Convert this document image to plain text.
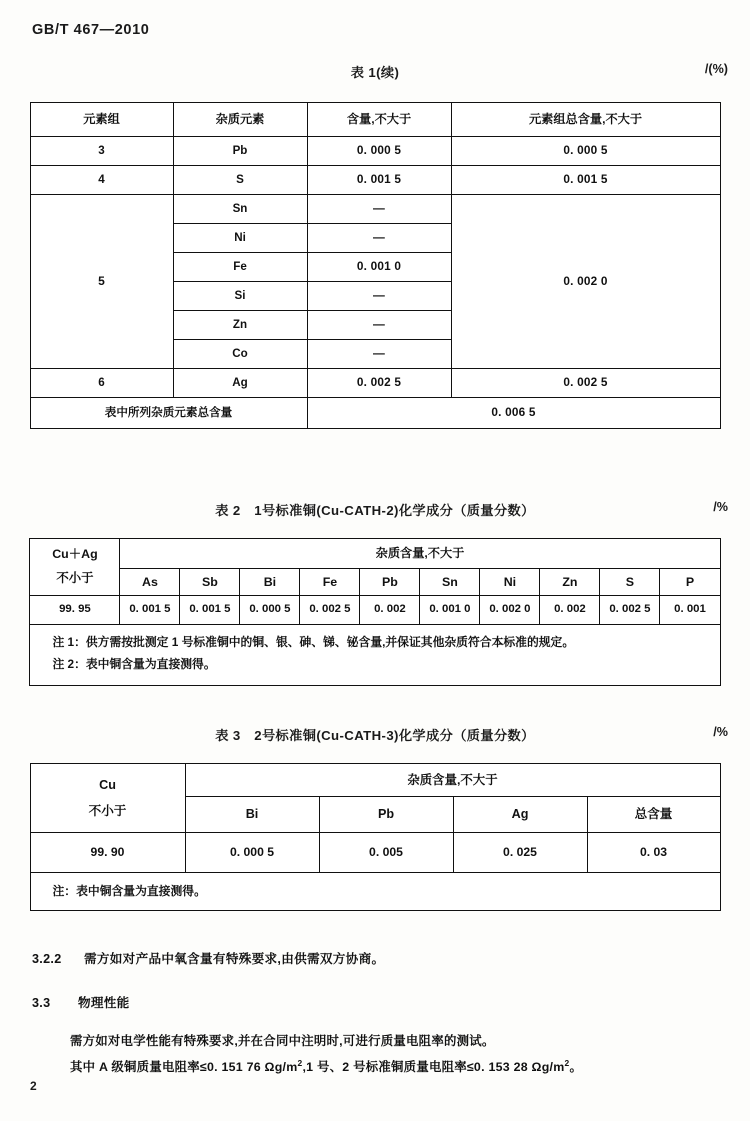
GB/T 467—2010
表 1(续)	/(%)
元素组	杂质元素	含量,不大于	元素组总含量,不大于
3	Pb	0. 000 5	0. 000 5
4	S	0. 001 5	0. 001 5
5	Sn	—	0. 002 0
	Ni	—	
	Fe	0. 001 0	
	Si	—	
	Zn	—	
	Co	—	
6	Ag	0. 002 5	0. 002 5
表中所列杂质元素总含量		0. 006 5	
表 2　1号标准铜(Cu-CATH-2)化学成分（质量分数）	/%
Cu＋Ag
不小于	杂质含量,不大于									
	As	Sb	Bi	Fe	Pb	Sn	Ni	Zn	S	P
99. 95	0. 001 5	0. 001 5	0. 000 5	0. 002 5	0. 002	0. 001 0	0. 002 0	0. 002	0. 002 5	0. 001

注 1：供方需按批测定 1 号标准铜中的铜、银、砷、锑、铋含量,并保证其他杂质符合本标准的规定。
注 2：表中铜含量为直接测得。										
表 3　2号标准铜(Cu-CATH-3)化学成分（质量分数）	/%
Cu
不小于	杂质含量,不大于			
	Bi	Pb	Ag	总含量
99. 90	0. 000 5	0. 005	0. 025	0. 03
注：表中铜含量为直接测得。				
3.2.2	需方如对产品中氧含量有特殊要求,由供需双方协商。
3.3	物理性能
需方如对电学性能有特殊要求,并在合同中注明时,可进行质量电阻率的测试。
其中 A 级铜质量电阻率≤0. 151 76 $\Omega g/m^2,1$ 号、2 号标准铜质量电阻率≤0. 153 28 $\Omega g/m^2$。
2
